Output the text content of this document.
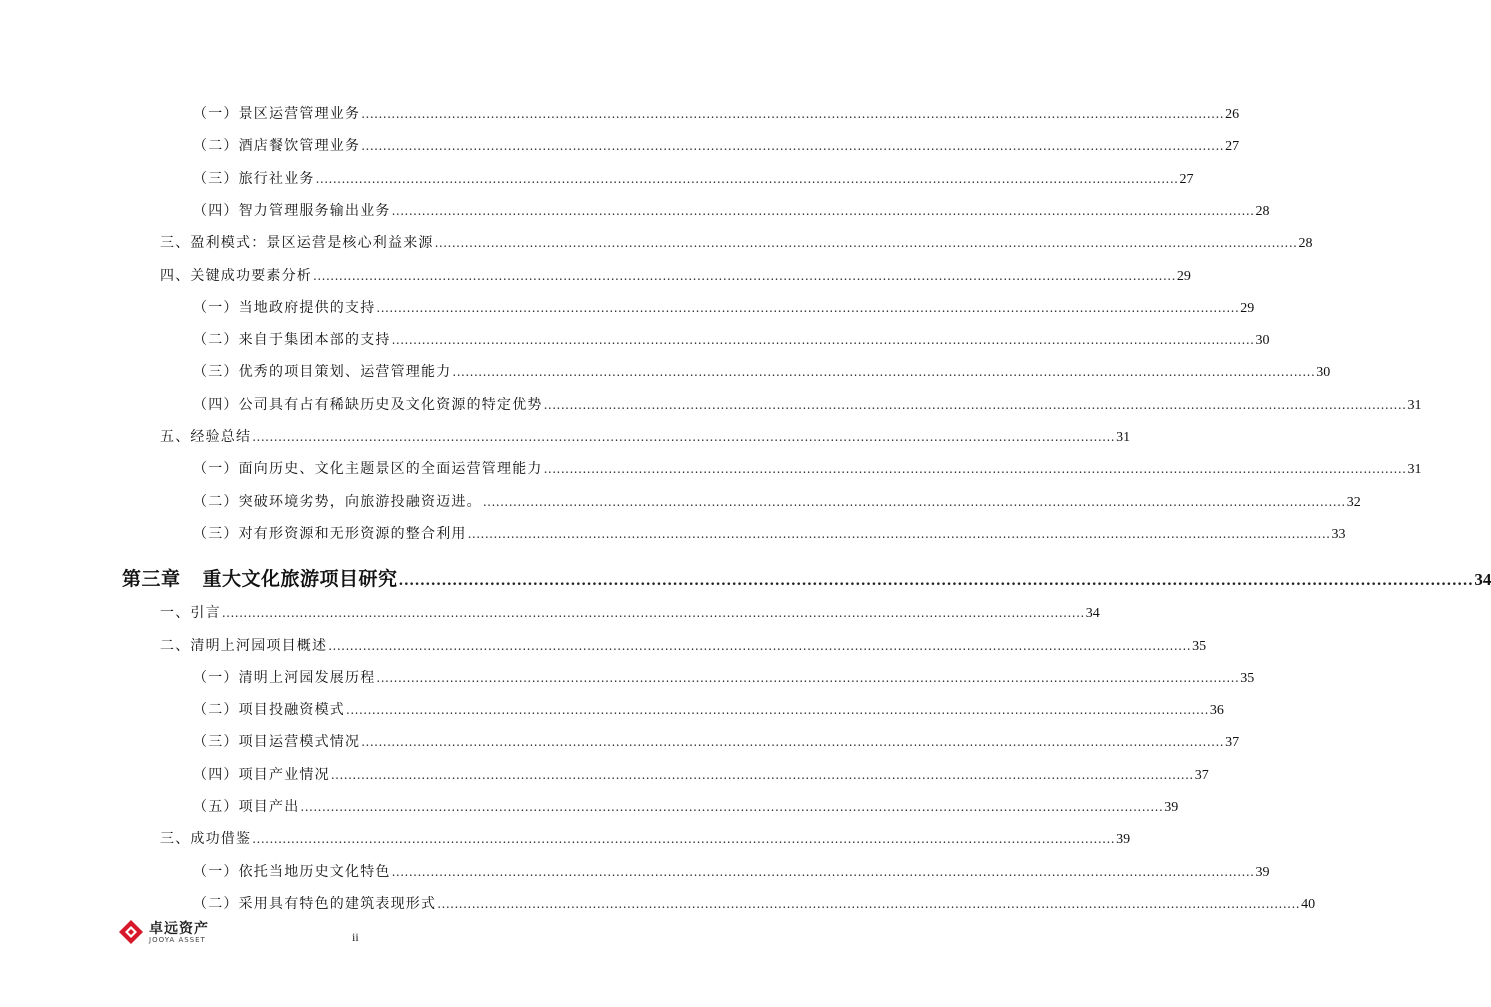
（一）景区运营管理业务 ........................................................................................................................................................................................................ 26
（二）酒店餐饮管理业务 ........................................................................................................................................................................................................ 27
（三）旅行社业务 ........................................................................................................................................................................................................ 27
（四）智力管理服务输出业务 ........................................................................................................................................................................................................ 28
三、盈利模式：景区运营是核心利益来源 ........................................................................................................................................................................................................ 28
四、关键成功要素分析 ........................................................................................................................................................................................................ 29
（一）当地政府提供的支持 ........................................................................................................................................................................................................ 29
（二）来自于集团本部的支持 ........................................................................................................................................................................................................ 30
（三）优秀的项目策划、运营管理能力 ........................................................................................................................................................................................................ 30
（四）公司具有占有稀缺历史及文化资源的特定优势 ........................................................................................................................................................................................................ 31
五、经验总结 ........................................................................................................................................................................................................ 31
（一）面向历史、文化主题景区的全面运营管理能力 ........................................................................................................................................................................................................ 31
（二）突破环境劣势，向旅游投融资迈进。 ........................................................................................................................................................................................................ 32
（三）对有形资源和无形资源的整合利用 ........................................................................................................................................................................................................ 33
第三章 重大文化旅游项目研究 ........................................................................................................................................................................................................ 34
一、引言 ........................................................................................................................................................................................................ 34
二、清明上河园项目概述 ........................................................................................................................................................................................................ 35
（一）清明上河园发展历程 ........................................................................................................................................................................................................ 35
（二）项目投融资模式 ........................................................................................................................................................................................................ 36
（三）项目运营模式情况 ........................................................................................................................................................................................................ 37
（四）项目产业情况 ........................................................................................................................................................................................................ 37
（五）项目产出 ........................................................................................................................................................................................................ 39
三、成功借鉴 ........................................................................................................................................................................................................ 39
（一）依托当地历史文化特色 ........................................................................................................................................................................................................ 39
（二）采用具有特色的建筑表现形式 ........................................................................................................................................................................................................ 40
卓远资产
JOOYA ASSET	ii
